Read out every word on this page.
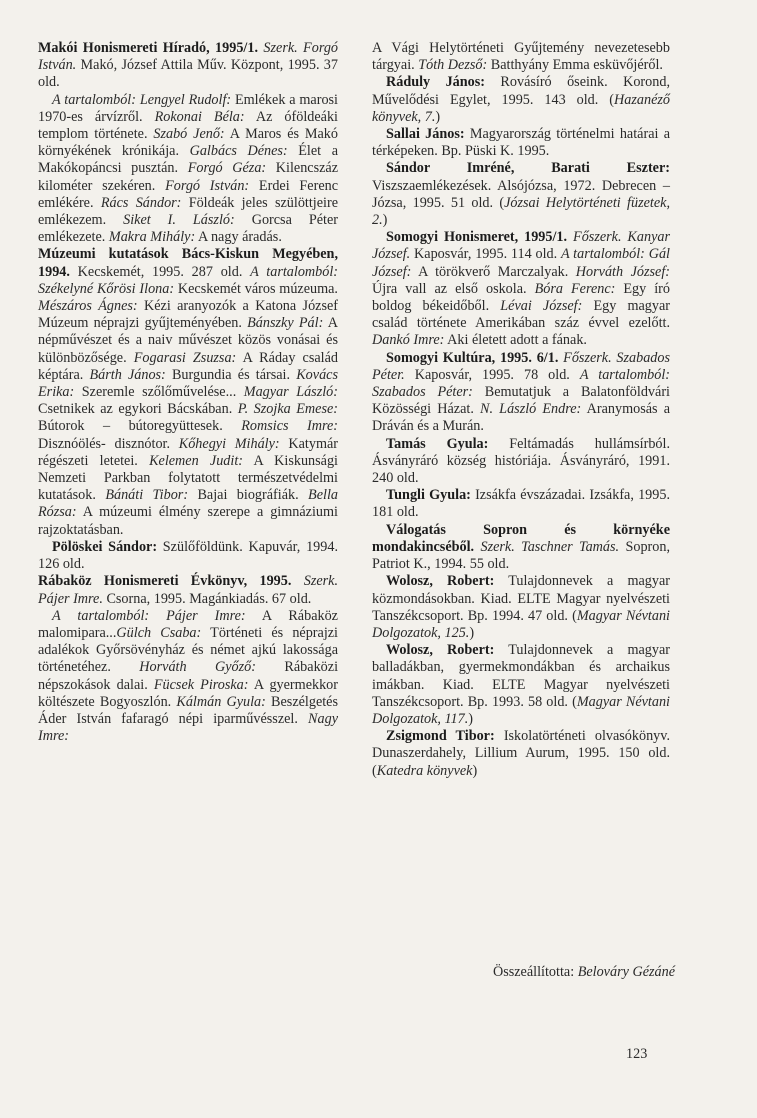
Makói Honismereti Híradó, 1995/1. Szerk. Forgó István. Makó, József Attila Műv. Központ, 1995. 37 old.

A tartalomból: Lengyel Rudolf: Emlékek a marosi 1970-es árvízről. Rokonai Béla: Az óföldeáki templom története. Szabó Jenő: A Maros és Makó környékének krónikája. Galbács Dénes: Élet a Makókopáncsi pusztán. Forgó Géza: Kilencszáz kilométer szekéren. Forgó István: Erdei Ferenc emlékére. Rács Sándor: Földeák jeles szülöttjeire emlékezem. Siket I. László: Gorcsa Péter emlékezete. Makra Mihály: A nagy áradás.

Múzeumi kutatások Bács-Kiskun Megyében, 1994. Kecskemét, 1995. 287 old. A tartalomból: Székelyné Kőrösi Ilona: Kecskemét város múzeuma. Mészáros Ágnes: Kézi aranyozók a Katona József Múzeum néprajzi gyűjteményében. Bánszky Pál: A népművészet és a naiv művészet közös vonásai és különbözősége. Fogarasi Zsuzsa: A Ráday család képtára. Bárth János: Burgundia és társai. Kovács Erika: Szeremle szőlőművelése... Magyar László: Csetnikek az egykori Bácskában. P. Szojka Emese: Bútorok – bútoregyüttesek. Romsics Imre: Disznóölés- disznótor. Kőhegyi Mihály: Katymár régészeti letetei. Kelemen Judit: A Kiskunsági Nemzeti Parkban folytatott természetvédelmi kutatások. Bánáti Tibor: Bajai biográfiák. Bella Rózsa: A múzeumi élmény szerepe a gimnáziumi rajzoktatásban.

Pölöskei Sándor: Szülőföldünk. Kapuvár, 1994. 126 old.

Rábaköz Honismereti Évkönyv, 1995. Szerk. Pájer Imre. Csorna, 1995. Magánkiadás. 67 old.

A tartalomból: Pájer Imre: A Rábaköz malomipara...Gülch Csaba: Történeti és néprajzi adalékok Győrsövényház és német ajkú lakossága történetéhez. Horváth Győző: Rábaközi népszokások dalai. Fücsek Piroska: A gyermekkor költészete Bogyoszlón. Kálmán Gyula: Beszélgetés Áder István fafaragó népi iparművésszel. Nagy Imre:

A Vági Helytörténeti Gyűjtemény nevezetesebb tárgyai. Tóth Dezső: Batthyány Emma esküvőjéről.

Ráduly János: Rovásíró őseink. Korond, Művelődési Egylet, 1995. 143 old. (Hazanéző könyvek, 7.)

Sallai János: Magyarország történelmi határai a térképeken. Bp. Püski K. 1995.

Sándor Imréné, Barati Eszter: Viszszaemlékezések. Alsójózsa, 1972. Debrecen – Józsa, 1995. 51 old. (Józsai Helytörténeti füzetek, 2.)

Somogyi Honismeret, 1995/1. Főszerk. Kanyar József. Kaposvár, 1995. 114 old. A tartalomból: Gál József: A törökverő Marczalyak. Horváth József: Újra vall az első oskola. Bóra Ferenc: Egy író boldog békeidőből. Lévai József: Egy magyar család története Amerikában száz évvel ezelőtt. Dankó Imre: Aki életett adott a fának.

Somogyi Kultúra, 1995. 6/1. Főszerk. Szabados Péter. Kaposvár, 1995. 78 old. A tartalomból: Szabados Péter: Bemutatjuk a Balatonföldvári Közösségi Házat. N. László Endre: Aranymosás a Dráván és a Murán.

Tamás Gyula: Feltámadás hullámsírból. Ásványráró község históriája. Ásványráró, 1991. 240 old.

Tungli Gyula: Izsákfa évszázadai. Izsákfa, 1995. 181 old.

Válogatás Sopron és környéke mondakincséből. Szerk. Taschner Tamás. Sopron, Patriot K., 1994. 55 old.

Wolosz, Robert: Tulajdonnevek a magyar közmondásokban. Kiad. ELTE Magyar nyelvészeti Tanszékcsoport. Bp. 1994. 47 old. (Magyar Névtani Dolgozatok, 125.)

Wolosz, Robert: Tulajdonnevek a magyar balladákban, gyermekmondákban és archaikus imákban. Kiad. ELTE Magyar nyelvészeti Tanszékcsoport. Bp. 1993. 58 old. (Magyar Névtani Dolgozatok, 117.)

Zsigmond Tibor: Iskolatörténeti olvasókönyv. Dunaszerdahely, Lillium Aurum, 1995. 150 old. (Katedra könyvek)

Összeállította: Belováry Gézáné
123
